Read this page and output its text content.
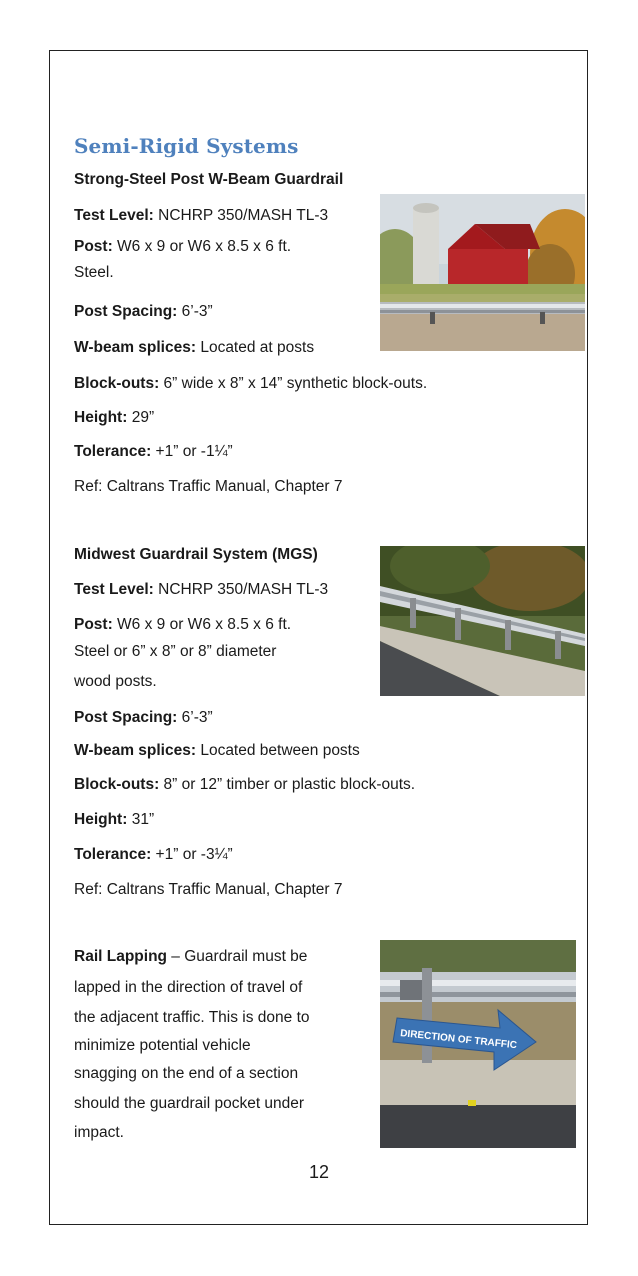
Semi-Rigid Systems
Strong-Steel Post W-Beam Guardrail
Test Level: NCHRP 350/MASH TL-3
Post: W6 x 9 or W6 x 8.5 x 6 ft.
Steel.
Post Spacing: 6’-3”
W-beam splices: Located at posts
Block-outs: 6” wide x 8” x 14” synthetic block-outs.
Height: 29”
Tolerance: +1” or -1¼”
Ref: Caltrans Traffic Manual, Chapter 7
Midwest Guardrail System (MGS)
Test Level: NCHRP 350/MASH TL-3
Post: W6 x 9 or W6 x 8.5 x 6 ft.
Steel or 6” x 8” or 8” diameter
wood posts.
Post Spacing: 6’-3”
W-beam splices: Located between posts
Block-outs: 8” or 12” timber or plastic block-outs.
Height: 31”
Tolerance: +1” or -3¼”
Ref: Caltrans Traffic Manual, Chapter 7
Rail Lapping – Guardrail must be
lapped in the direction of travel of
the adjacent traffic. This is done to
minimize potential vehicle
snagging on the end of a section
should the guardrail pocket under
impact.
DIRECTION OF TRAFFIC
12
